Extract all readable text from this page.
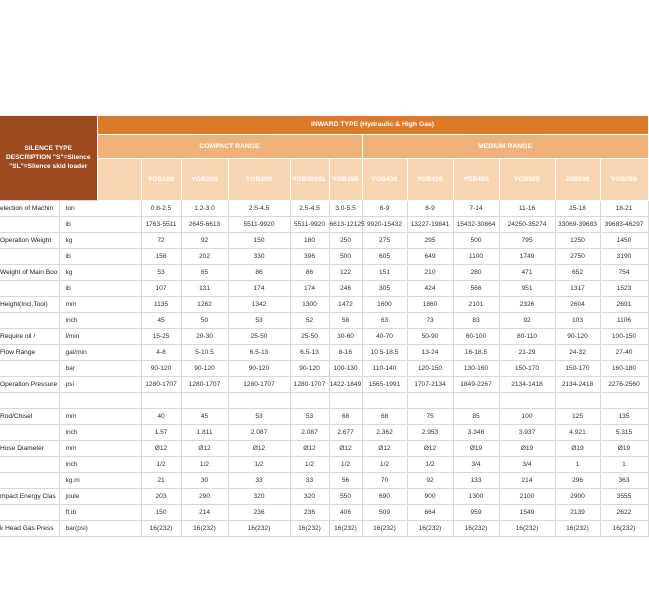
SILENCE TYPE
DESCRIPTION "S"=Slience
"SL"=Slience skid loader		INWARD TYPE (Hydraulic & High Gas)											
		COMPACT RANGE						MEDIUM RANGE					
			YGB10S	YGB20S	YGB30S	YGB30SSL	YGB35S	YGB40S	YGB43S	YGB45S	YGB50S	JSB60S	YGB70S
election of Machin	ton		0.8-2.5	1.2-3.0	2.5-4.5	2.5-4.5	3.0-5.5	6-9	6-9	7-14	11-16	15-18	18-21
	ib		1763-5511	2645-6613	5511-9920	5511-9920	6613-12125	9920-15432	13227-19841	15432-30864	24250-35274	33069-39683	39683-46297
Operation Weight	kg		72	92	150	180	250	275	295	500	795	1250	1450
	ib		158	202	330	396	500	605	649	1100	1749	2750	3190
Weight of Main Boo	kg		53	65	86	86	122	151	210	280	471	652	754
	ib		107	131	174	174	246	305	424	566	951	1317	1523
Height(Incl.Tool)	mm		1135	1262	1342	1300	1472	1600	1860	2101	2326	2604	2691
	inch		45	50	53	52	58	63	73	83	92	103	1106
Require oil /	l/min		15-25	20-30	25-50	25-50	30-60	40-70	50-90	60-100	80-110	90-120	100-150
Flow Range	gal/min		4-8	5-10.5	6.5-13	6.5-13	8-16	10.5-18.5	13-24	16-18.5	21-29	24-32	27-40
	bar		90-120	90-120	90-120	90-120	100-130	110-140	120-150	130-160	150-170	150-170	160-180
Operation Pressure	psi		1280-1707	1280-1707	1280-1707	1280-1707	1422-1849	1565-1991	1707-2134	1849-2267	2134-1418	2134-2418	2276-2560

Rod/Chisel	mm		40	45	53	53	68	68	75	85	100	125	135
	inch		1.57	1.811	2.087	2.087	2.677	2.362	2.953	3.346	3.937	4.921	5.315
Hose Diameter	mm		Ø12	Ø12	Ø12	Ø12	Ø12	Ø12	Ø12	Ø19	Ø19	Ø19	Ø19
	inch		1/2	1/2	1/2	1/2	1/2	1/2	1/2	3/4	3/4	1	1
	kg.m		21	30	33	33	56	70	92	133	214	296	363
mpact Energy Clas	joule		203	290	320	320	550	690	900	1300	2100	2900	3555
	ft.ib		150	214	236	236	406	509	664	959	1549	2139	2622
k Head Gas Press	bar(psi)		16(232)	16(232)	16(232)	16(232)	16(232)	16(232)	16(232)	16(232)	16(232)	16(232)	16(232)
